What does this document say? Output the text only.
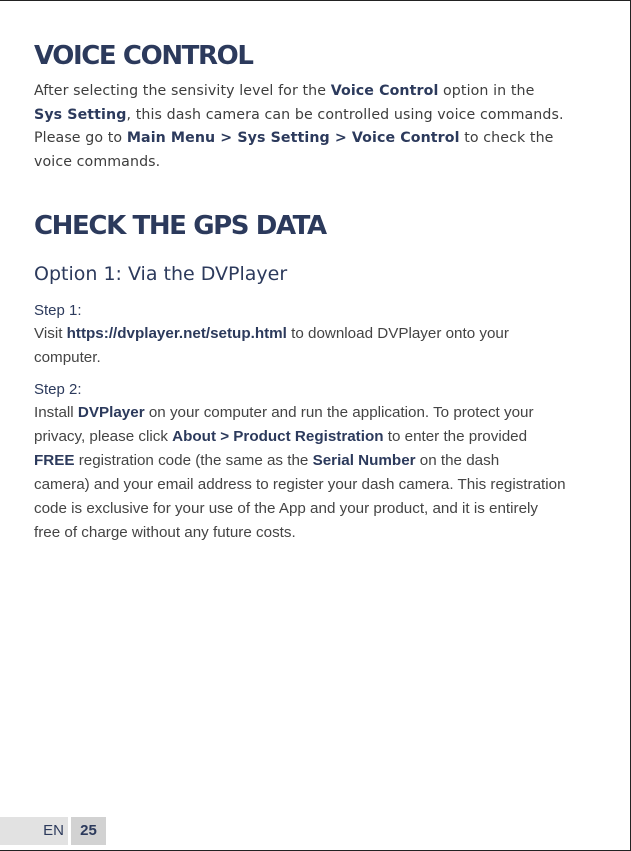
VOICE CONTROL

After selecting the sensivity level for the Voice Control option in the

Sys Setting, this dash camera can be controlled using voice commands.

Please go to Main Menu > Sys Setting > Voice Control to check the

voice commands.

CHECK THE GPS DATA
Option 1: Via the DVPlayer

Step 1:

Visit https://dvplayer.net/setup.html to download DVPlayer onto your

computer.

Step 2:

Install DVPlayer on your computer and run the application. To protect your

privacy, please click About > Product Registration to enter the provided

FREE registration code (the same as the Serial Number on the dash

camera) and your email address to register your dash camera. This registration

code is exclusive for your use of the App and your product, and it is entirely

free of charge without any future costs.

EN	25
